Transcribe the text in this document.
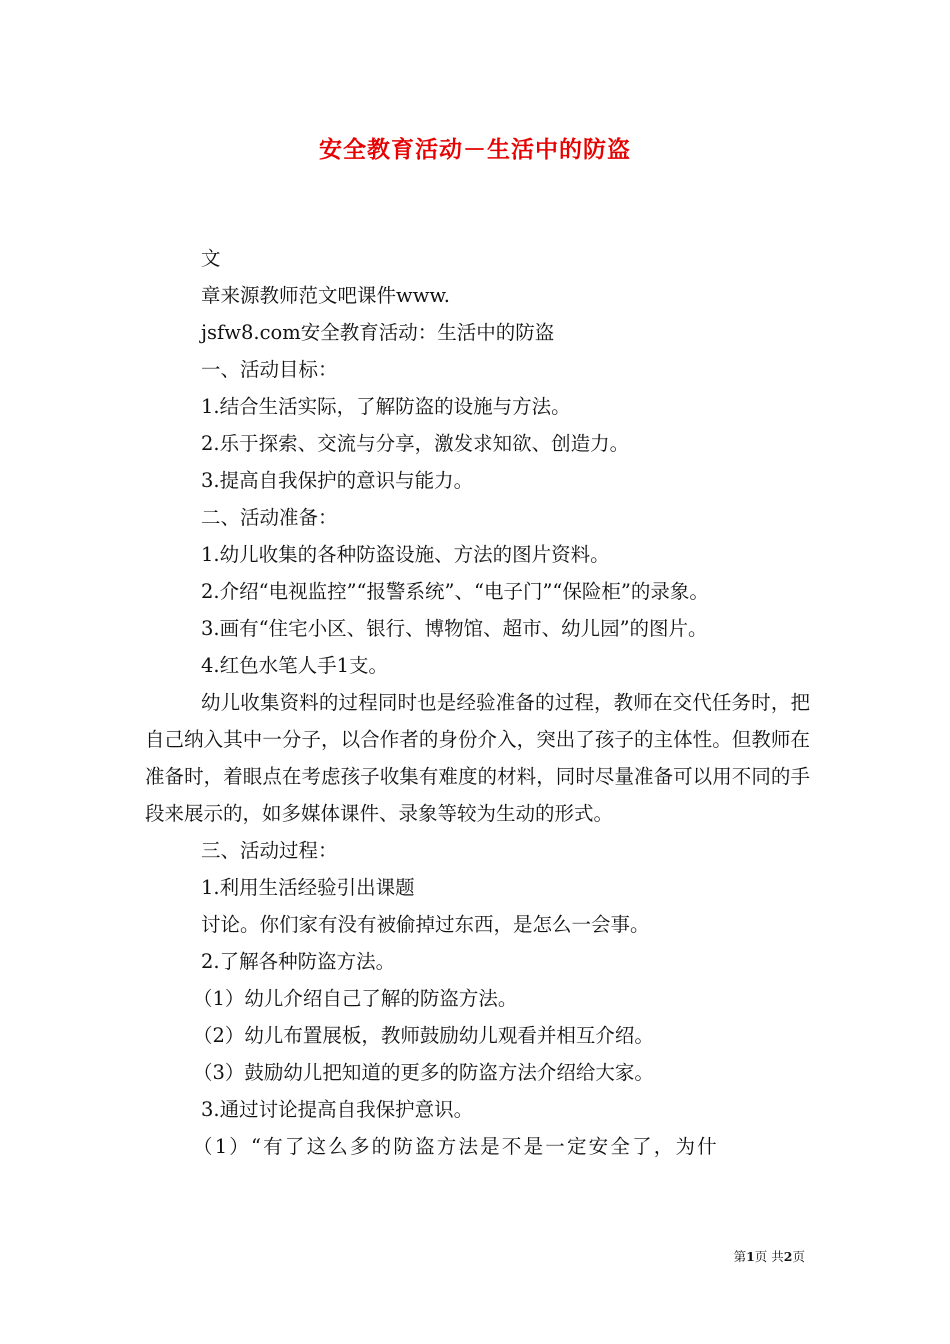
安全教育活动－生活中的防盗

文

章来源教师范文吧课件www.

jsfw8.com安全教育活动：生活中的防盗

一、活动目标：

1.结合生活实际，了解防盗的设施与方法。

2.乐于探索、交流与分享，激发求知欲、创造力。

3.提高自我保护的意识与能力。

二、活动准备：

1.幼儿收集的各种防盗设施、方法的图片资料。

2.介绍“电视监控”“报警系统”、“电子门”“保险柜”的录象。

3.画有“住宅小区、银行、博物馆、超市、幼儿园”的图片。

4.红色水笔人手1支。

幼儿收集资料的过程同时也是经验准备的过程，教师在交代任务时，把自己纳入其中一分子，以合作者的身份介入，突出了孩子的主体性。但教师在准备时，着眼点在考虑孩子收集有难度的材料，同时尽量准备可以用不同的手段来展示的，如多媒体课件、录象等较为生动的形式。

三、活动过程：

1.利用生活经验引出课题

讨论。你们家有没有被偷掉过东西，是怎么一会事。

2.了解各种防盗方法。

（1）幼儿介绍自己了解的防盗方法。

（2）幼儿布置展板，教师鼓励幼儿观看并相互介绍。

（3）鼓励幼儿把知道的更多的防盗方法介绍给大家。

3.通过讨论提高自我保护意识。

（1）“有了这么多的防盗方法是不是一定安全了，为什

第1页 共2页
